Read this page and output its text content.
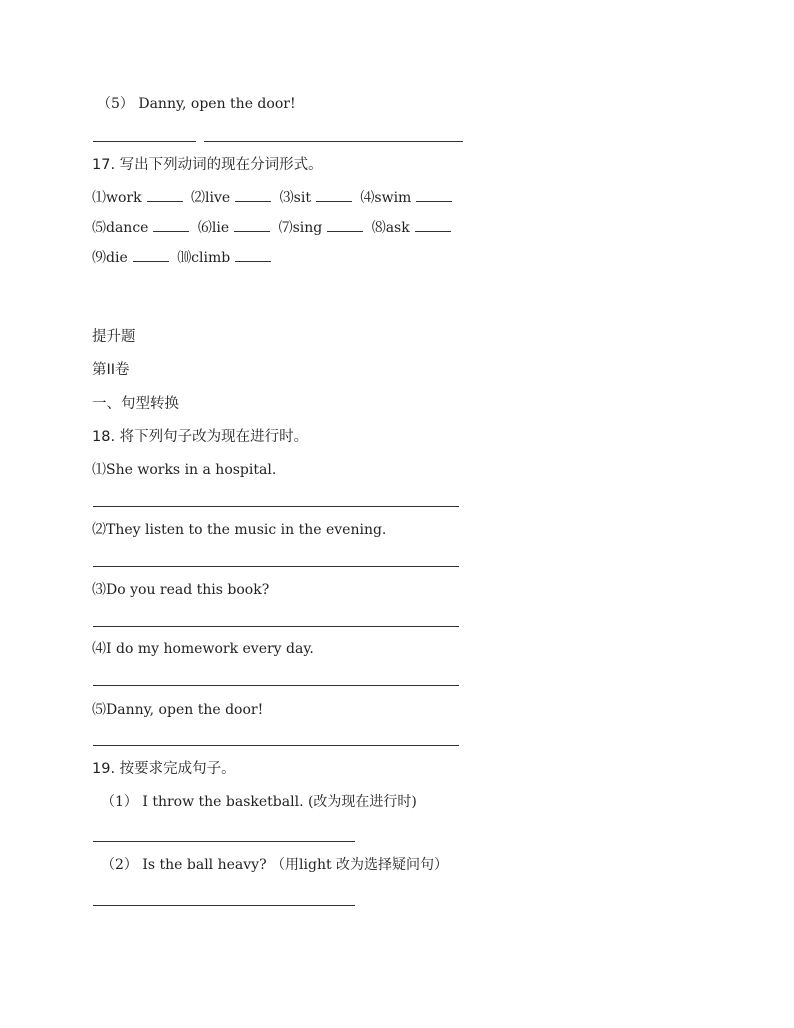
（5） Danny, open the door!
17. 写出下列动词的现在分词形式。
⑴work	⑵live	⑶sit	⑷swim
⑸dance	⑹lie	⑺sing	⑻ask
⑼die	⑽climb
提升题
第II卷
一、句型转换
18. 将下列句子改为现在进行时。
⑴She works in a hospital.
⑵They listen to the music in the evening.
⑶Do you read this book?
⑷I do my homework every day.
⑸Danny, open the door!
19. 按要求完成句子。
（1） I throw the basketball. (改为现在进行时)
（2） Is the ball heavy? （用light 改为选择疑问句）
